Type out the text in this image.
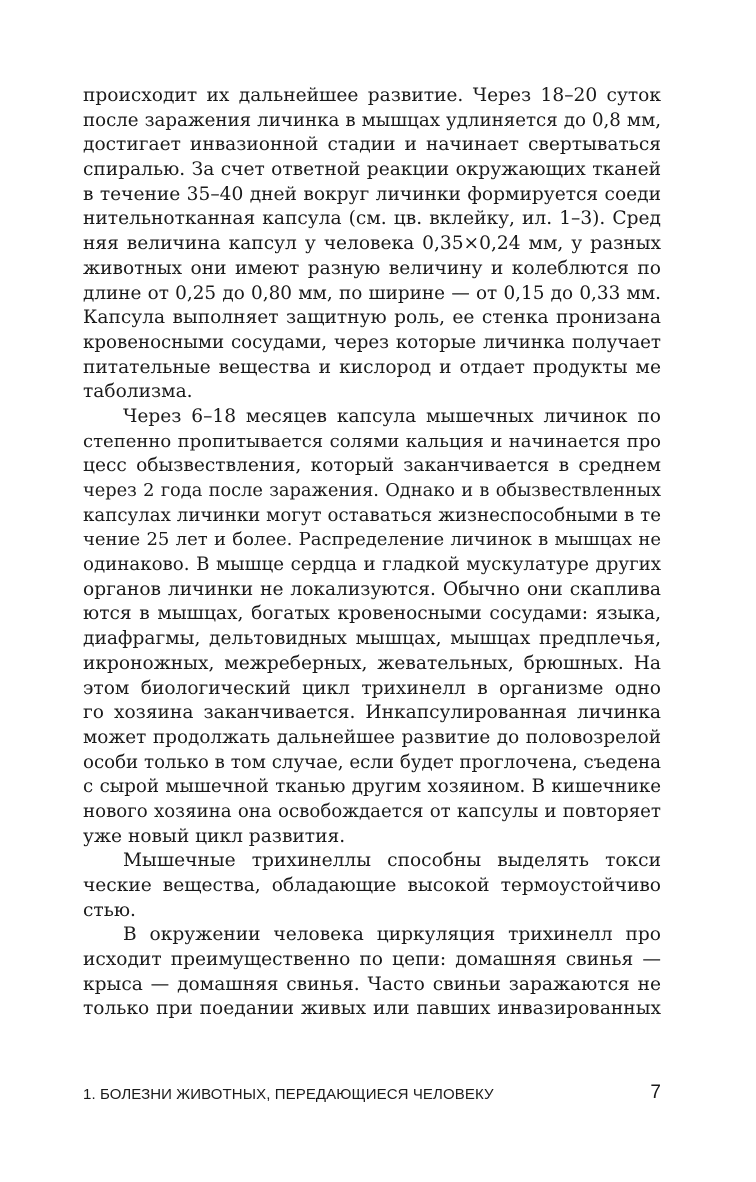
происходит их дальнейшее развитие. Через 18–20 суток
после заражения личинка в мышцах удлиняется до 0,8 мм,
достигает инвазионной стадии и начинает свертываться
спиралью. За счет ответной реакции окружающих тканей
в течение 35–40 дней вокруг личинки формируется соеди
нительнотканная капсула (см. цв. вклейку, ил. 1–3). Сред
няя величина капсул у человека 0,35×0,24 мм, у разных
животных они имеют разную величину и колеблются по
длине от 0,25 до 0,80 мм, по ширине — от 0,15 до 0,33 мм.
Капсула выполняет защитную роль, ее стенка пронизана
кровеносными сосудами, через которые личинка получает
питательные вещества и кислород и отдает продукты ме
таболизма.
Через 6–18 месяцев капсула мышечных личинок по
степенно пропитывается солями кальция и начинается про
цесс обызвествления, который заканчивается в среднем
через 2 года после заражения. Однако и в обызвествленных
капсулах личинки могут оставаться жизнеспособными в те
чение 25 лет и более. Распределение личинок в мышцах не
одинаково. В мышце сердца и гладкой мускулатуре других
органов личинки не локализуются. Обычно они скаплива
ются в мышцах, богатых кровеносными сосудами: языка,
диафрагмы, дельтовидных мышцах, мышцах предплечья,
икроножных, межреберных, жевательных, брюшных. На
этом биологический цикл трихинелл в организме одно
го хозяина заканчивается. Инкапсулированная личинка
может продолжать дальнейшее развитие до половозрелой
особи только в том случае, если будет проглочена, съедена
с сырой мышечной тканью другим хозяином. В кишечнике
нового хозяина она освобождается от капсулы и повторяет
уже новый цикл развития.
Мышечные трихинеллы способны выделять токси
ческие вещества, обладающие высокой термоустойчиво
стью.
В окружении человека циркуляция трихинелл про
исходит преимущественно по цепи: домашняя свинья —
крыса — домашняя свинья. Часто свиньи заражаются не
только при поедании живых или павших инвазированных
1. БОЛЕЗНИ ЖИВОТНЫХ, ПЕРЕДАЮЩИЕСЯ ЧЕЛОВЕКУ	7
